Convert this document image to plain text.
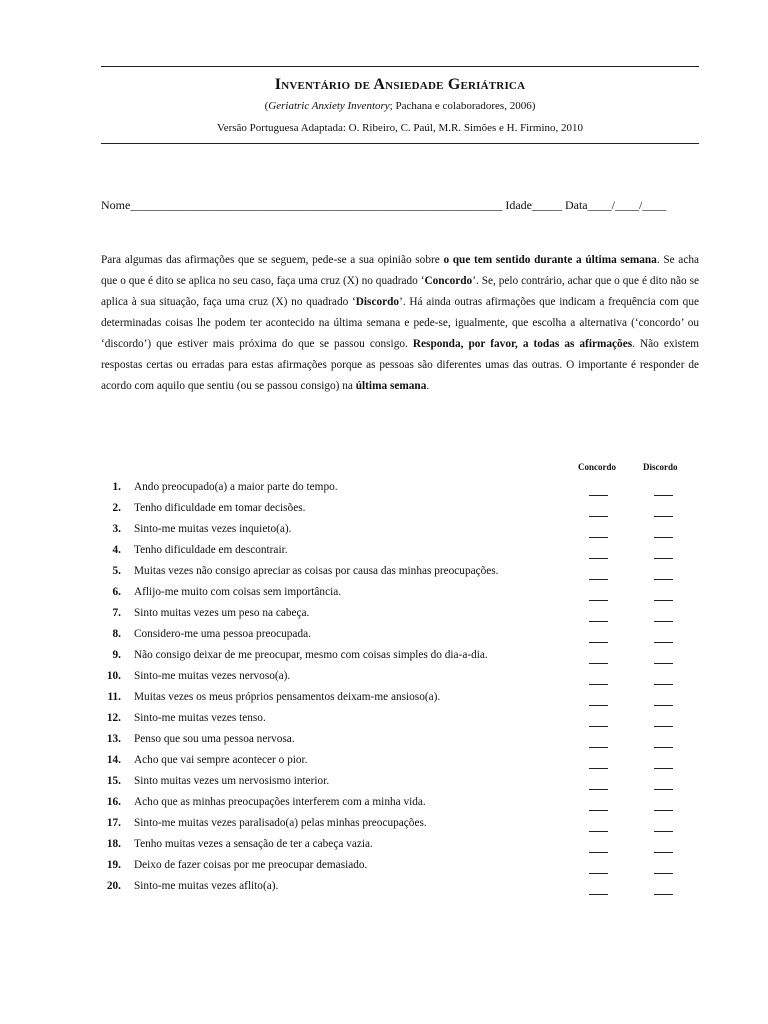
Inventário de Ansiedade Geriátrica
(Geriatric Anxiety Inventory; Pachana e colaboradores, 2006)
Versão Portuguesa Adaptada: O. Ribeiro, C. Paúl, M.R. Simões e H. Firmino, 2010
Nome______________________________________________________________ Idade_____ Data____/____/____

Para algumas das afirmações que se seguem, pede-se a sua opinião sobre o que tem sentido durante a última semana. Se acha que o que é dito se aplica no seu caso, faça uma cruz (X) no quadrado ‘Concordo’. Se, pelo contrário, achar que o que é dito não se aplica à sua situação, faça uma cruz (X) no quadrado ‘Discordo’. Há ainda outras afirmações que indicam a frequência com que determinadas coisas lhe podem ter acontecido na última semana e pede-se, igualmente, que escolha a alternativa (‘concordo’ ou ‘discordo’) que estiver mais próxima do que se passou consigo. Responda, por favor, a todas as afirmações. Não existem respostas certas ou erradas para estas afirmações porque as pessoas são diferentes umas das outras. O importante é responder de acordo com aquilo que sentiu (ou se passou consigo) na última semana.

Concordo	Discordo
1. Ando preocupado(a) a maior parte do tempo.
2. Tenho dificuldade em tomar decisões.
3. Sinto-me muitas vezes inquieto(a).
4. Tenho dificuldade em descontrair.
5. Muitas vezes não consigo apreciar as coisas por causa das minhas preocupações.
6. Aflijo-me muito com coisas sem importância.
7. Sinto muitas vezes um peso na cabeça.
8. Considero-me uma pessoa preocupada.
9. Não consigo deixar de me preocupar, mesmo com coisas simples do dia-a-dia.
10. Sinto-me muitas vezes nervoso(a).
11. Muitas vezes os meus próprios pensamentos deixam-me ansioso(a).
12. Sinto-me muitas vezes tenso.
13. Penso que sou uma pessoa nervosa.
14. Acho que vai sempre acontecer o pior.
15. Sinto muitas vezes um nervosismo interior.
16. Acho que as minhas preocupações interferem com a minha vida.
17. Sinto-me muitas vezes paralisado(a) pelas minhas preocupações.
18. Tenho muitas vezes a sensação de ter a cabeça vazia.
19. Deixo de fazer coisas por me preocupar demasiado.
20. Sinto-me muitas vezes aflito(a).
